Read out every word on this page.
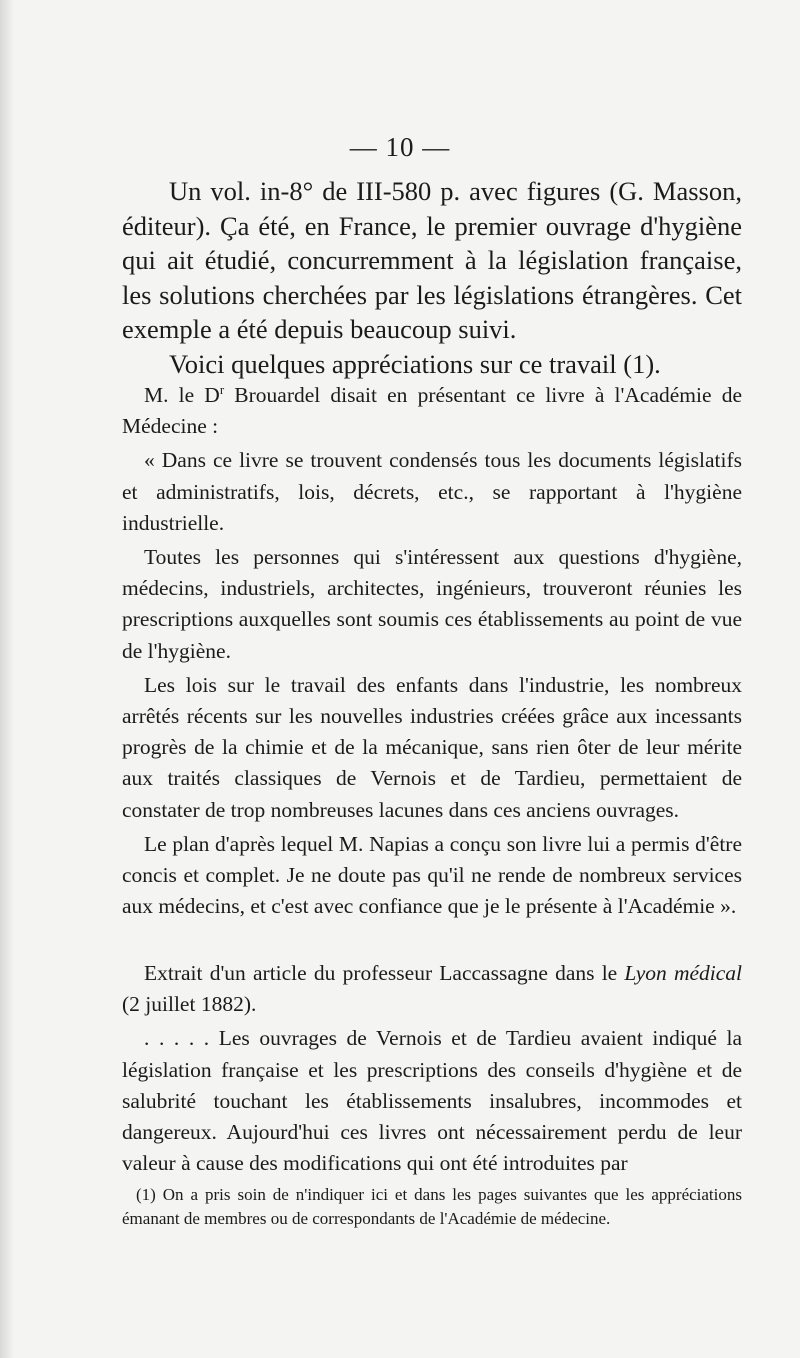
— 10 —

Un vol. in-8° de III-580 p. avec figures (G. Masson, éditeur). Ça été, en France, le premier ouvrage d'hygiène qui ait étudié, concurremment à la législation française, les solutions cherchées par les législations étrangères. Cet exemple a été depuis beaucoup suivi.

Voici quelques appréciations sur ce travail (1).

M. le $D^r$ Brouardel disait en présentant ce livre à l'Académie de Médecine :

« Dans ce livre se trouvent condensés tous les documents législatifs et administratifs, lois, décrets, etc., se rapportant à l'hygiène industrielle.

Toutes les personnes qui s'intéressent aux questions d'hygiène, médecins, industriels, architectes, ingénieurs, trouveront réunies les prescriptions auxquelles sont soumis ces établissements au point de vue de l'hygiène.

Les lois sur le travail des enfants dans l'industrie, les nombreux arrêtés récents sur les nouvelles industries créées grâce aux incessants progrès de la chimie et de la mécanique, sans rien ôter de leur mérite aux traités classiques de Vernois et de Tardieu, permettaient de constater de trop nombreuses lacunes dans ces anciens ouvrages.

Le plan d'après lequel M. Napias a conçu son livre lui a permis d'être concis et complet. Je ne doute pas qu'il ne rende de nombreux services aux médecins, et c'est avec confiance que je le présente à l'Académie ».

Extrait d'un article du professeur Laccassagne dans le Lyon médical (2 juillet 1882).

. . . . . Les ouvrages de Vernois et de Tardieu avaient indiqué la législation française et les prescriptions des conseils d'hygiène et de salubrité touchant les établissements insalubres, incommodes et dangereux. Aujourd'hui ces livres ont nécessairement perdu de leur valeur à cause des modifications qui ont été introduites par

(1) On a pris soin de n'indiquer ici et dans les pages suivantes que les appréciations émanant de membres ou de correspondants de l'Académie de médecine.
